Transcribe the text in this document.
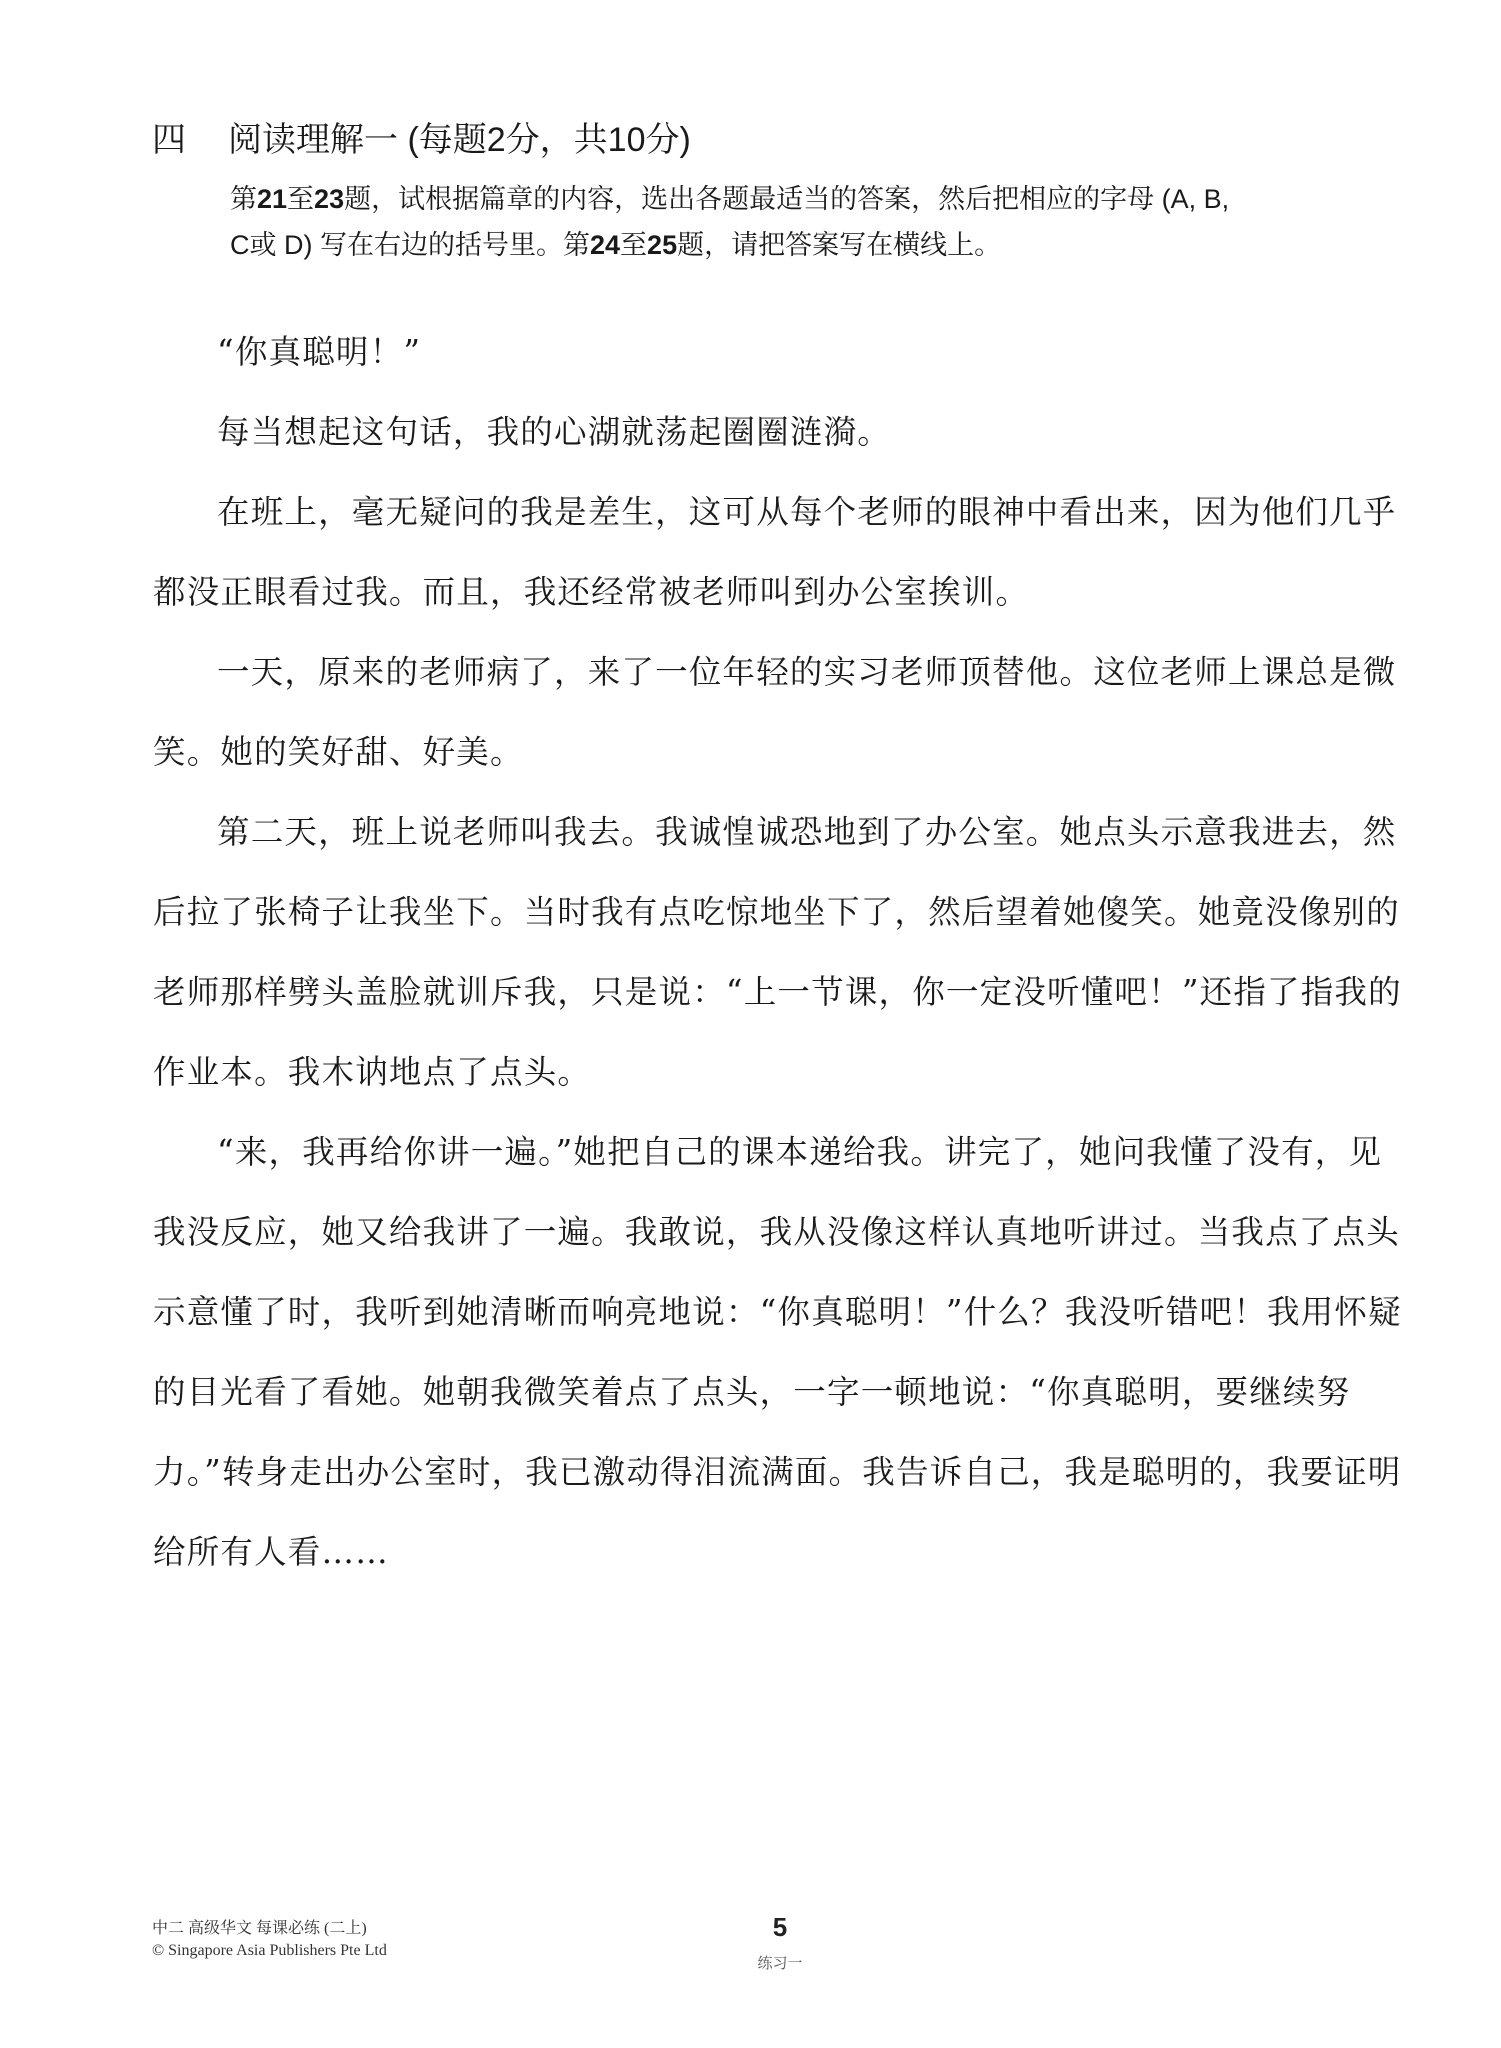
四 阅读理解一 (每题2分，共10分)
第21至23题，试根据篇章的内容，选出各题最适当的答案，然后把相应的字母 (A, B,
C或 D) 写在右边的括号里。第24至25题，请把答案写在横线上。

“你真聪明！”

每当想起这句话，我的心湖就荡起圈圈涟漪。

在班上，毫无疑问的我是差生，这可从每个老师的眼神中看出来，因为他们几乎都没正眼看过我。而且，我还经常被老师叫到办公室挨训。

一天，原来的老师病了，来了一位年轻的实习老师顶替他。这位老师上课总是微笑。她的笑好甜、好美。

第二天，班上说老师叫我去。我诚惶诚恐地到了办公室。她点头示意我进去，然后拉了张椅子让我坐下。当时我有点吃惊地坐下了，然后望着她傻笑。她竟没像别的老师那样劈头盖脸就训斥我，只是说：“上一节课，你一定没听懂吧！”还指了指我的作业本。我木讷地点了点头。

“来，我再给你讲一遍。”她把自己的课本递给我。讲完了，她问我懂了没有，见我没反应，她又给我讲了一遍。我敢说，我从没像这样认真地听讲过。当我点了点头示意懂了时，我听到她清晰而响亮地说：“你真聪明！”什么？我没听错吧！我用怀疑的目光看了看她。她朝我微笑着点了点头，一字一顿地说：“你真聪明，要继续努力。”转身走出办公室时，我已激动得泪流满面。我告诉自己，我是聪明的，我要证明给所有人看……

中二 高级华文 每课必练 (二上)
© Singapore Asia Publishers Pte Ltd
5
练习一
